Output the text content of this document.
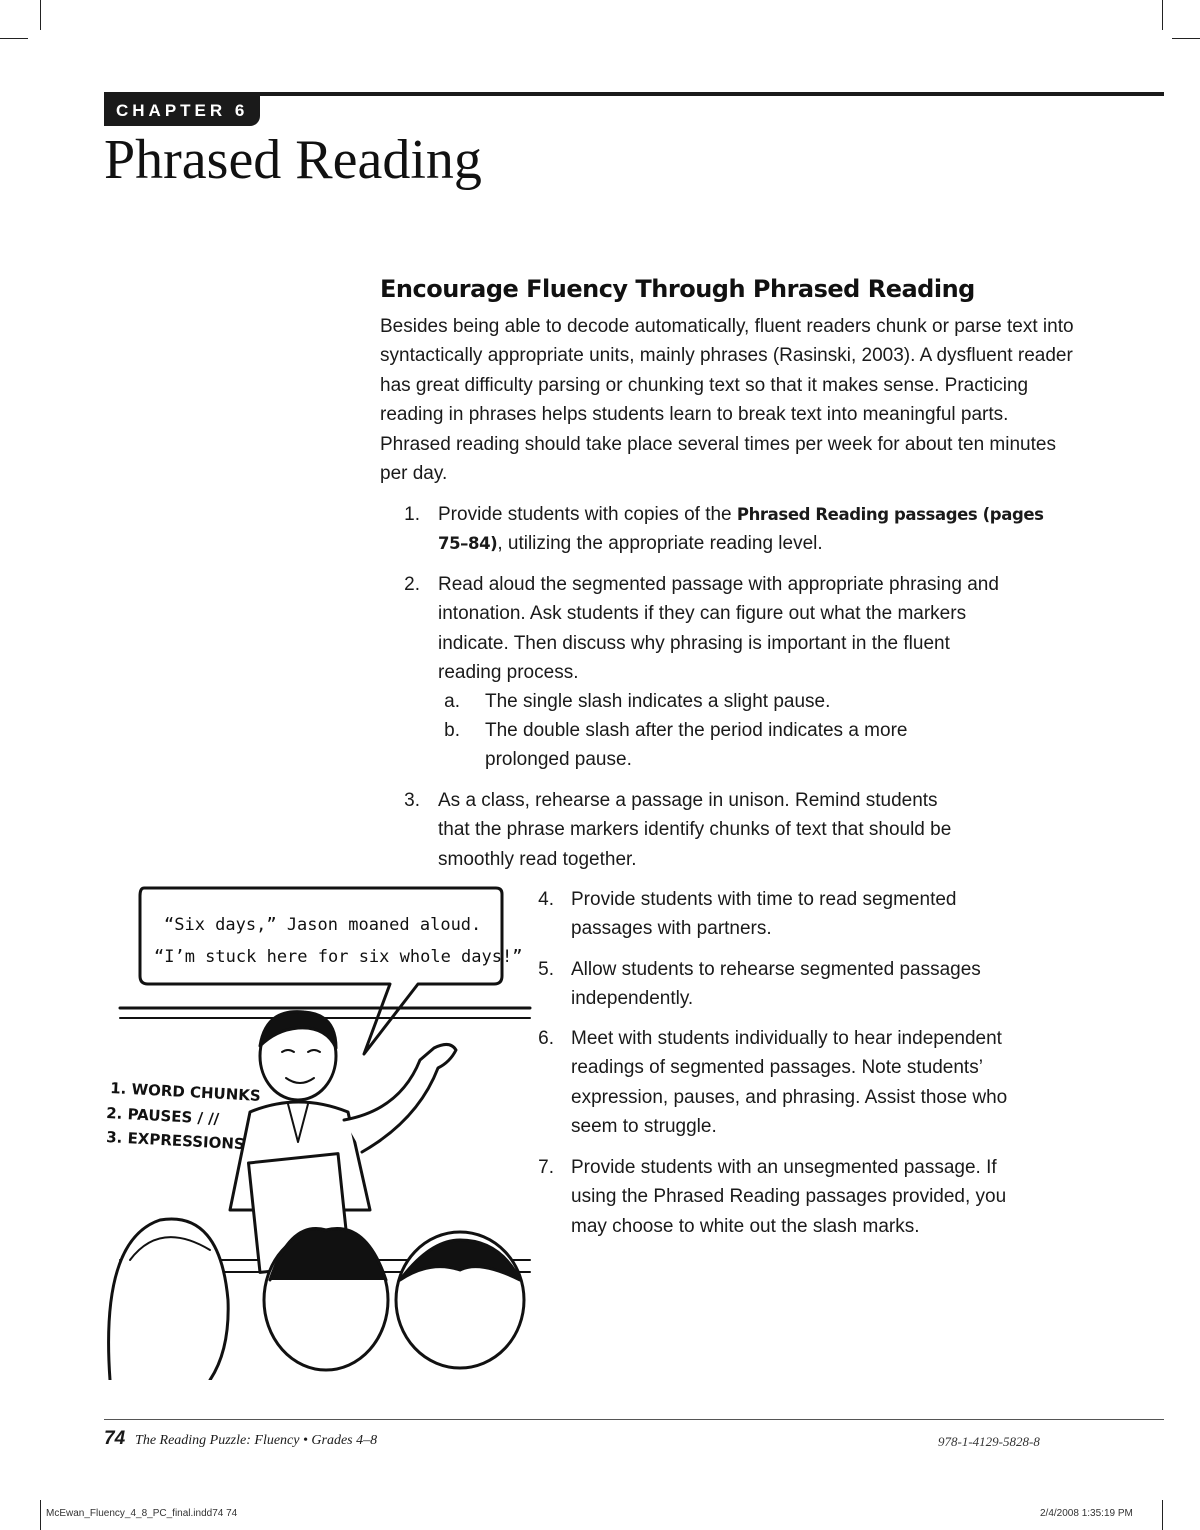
CHAPTER 6
Phrased Reading
Encourage Fluency Through Phrased Reading

Besides being able to decode automatically, fluent readers chunk or parse text into syntactically appropriate units, mainly phrases (Rasinski, 2003). A dysfluent reader has great difficulty parsing or chunking text so that it makes sense. Practicing reading in phrases helps students learn to break text into meaningful parts. Phrased reading should take place several times per week for about ten minutes per day.

1. Provide students with copies of the Phrased Reading passages (pages
75–84), utilizing the appropriate reading level.
2. Read aloud the segmented passage with appropriate phrasing and
intonation. Ask students if they can figure out what the markers
indicate. Then discuss why phrasing is important in the fluent
reading process.
a. The single slash indicates a slight pause.
b. The double slash after the period indicates a more
prolonged pause.
3. As a class, rehearse a passage in unison. Remind students
that the phrase markers identify chunks of text that should be
smoothly read together.
4. Provide students with time to read segmented
passages with partners.
5. Allow students to rehearse segmented passages
independently.
6. Meet with students individually to hear independent
readings of segmented passages. Note students’
expression, pauses, and phrasing. Assist those who
seem to struggle.
7. Provide students with an unsegmented passage. If
using the Phrased Reading passages provided, you
may choose to white out the slash marks.
“Six days,” Jason moaned aloud.
“I’m stuck here for six whole days!”
1. WORD CHUNKS
2. PAUSES / //
3. EXPRESSIONS
74 The Reading Puzzle: Fluency • Grades 4–8	978-1-4129-5828-8
McEwan_Fluency_4_8_PC_final.indd74 74	2/4/2008 1:35:19 PM
